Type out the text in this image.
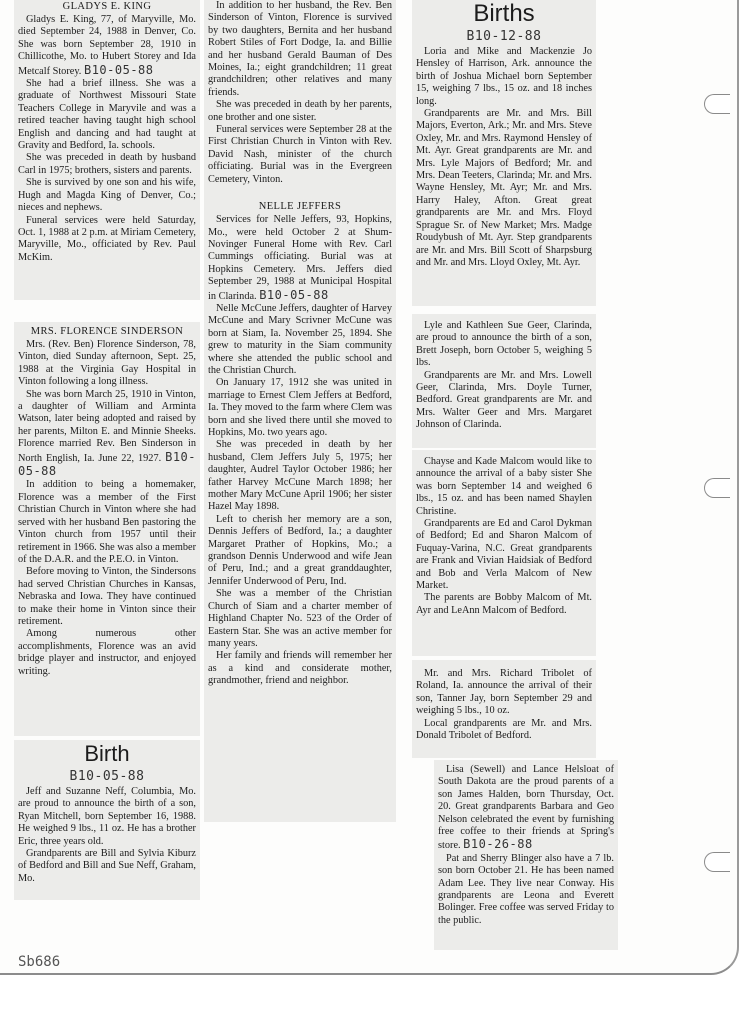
GLADYS E. KING

Gladys E. King, 77, of Maryville, Mo. died September 24, 1988 in Denver, Co. She was born September 28, 1910 in Chillicothe, Mo. to Hubert Storey and Ida Metcalf Storey. B10-05-88

She had a brief illness. She was a graduate of Northwest Missouri State Teachers College in Maryvile and was a retired teacher having taught high school English and dancing and had taught at Gravity and Bedford, Ia. schools.

She was preceded in death by husband Carl in 1975; brothers, sisters and parents.

She is survived by one son and his wife, Hugh and Magda King of Denver, Co.; nieces and nephews.

Funeral services were held Saturday, Oct. 1, 1988 at 2 p.m. at Miriam Cemetery, Maryville, Mo., officiated by Rev. Paul McKim.

MRS. FLORENCE SINDERSON

Mrs. (Rev. Ben) Florence Sinderson, 78, Vinton, died Sunday afternoon, Sept. 25, 1988 at the Virginia Gay Hospital in Vinton following a long illness.

She was born March 25, 1910 in Vinton, a daughter of William and Arminta Watson, later being adopted and raised by her parents, Milton E. and Minnie Sheeks. Florence married Rev. Ben Sinderson in North English, Ia. June 22, 1927. B10-05-88

In addition to being a homemaker, Florence was a member of the First Christian Church in Vinton where she had served with her husband Ben pastoring the Vinton church from 1957 until their retirement in 1966. She was also a member of the D.A.R. and the P.E.O. in Vinton.

Before moving to Vinton, the Sindersons had served Christian Churches in Kansas, Nebraska and Iowa. They have continued to make their home in Vinton since their retirement.

Among numerous other accomplishments, Florence was an avid bridge player and instructor, and enjoyed writing.

In addition to her husband, the Rev. Ben Sinderson of Vinton, Florence is survived by two daughters, Bernita and her husband Robert Stiles of Fort Dodge, Ia. and Billie and her husband Gerald Bauman of Des Moines, Ia.; eight grandchildren; 11 great grandchildren; other relatives and many friends.

She was preceded in death by her parents, one brother and one sister.

Funeral services were September 28 at the First Christian Church in Vinton with Rev. David Nash, minister of the church officiating. Burial was in the Evergreen Cemetery, Vinton.

NELLE JEFFERS

Services for Nelle Jeffers, 93, Hopkins, Mo., were held October 2 at Shum-Novinger Funeral Home with Rev. Carl Cummings officiating. Burial was at Hopkins Cemetery. Mrs. Jeffers died September 29, 1988 at Municipal Hospital in Clarinda. B10-05-88

Nelle McCune Jeffers, daughter of Harvey McCune and Mary Scrivner McCune was born at Siam, Ia. November 25, 1894. She grew to maturity in the Siam community where she attended the public school and the Christian Church.

On January 17, 1912 she was united in marriage to Ernest Clem Jeffers at Bedford, Ia. They moved to the farm where Clem was born and she lived there until she moved to Hopkins, Mo. two years ago.

She was preceded in death by her husband, Clem Jeffers July 5, 1975; her daughter, Audrel Taylor October 1986; her father Harvey McCune March 1898; her mother Mary McCune April 1906; her sister Hazel May 1898.

Left to cherish her memory are a son, Dennis Jeffers of Bedford, Ia.; a daughter Margaret Prather of Hopkins, Mo.; a grandson Dennis Underwood and wife Jean of Peru, Ind.; and a great granddaughter, Jennifer Underwood of Peru, Ind.

She was a member of the Christian Church of Siam and a charter member of Highland Chapter No. 523 of the Order of Eastern Star. She was an active member for many years.

Her family and friends will remember her as a kind and considerate mother, grandmother, friend and neighbor.

Birth
B10-05-88

Jeff and Suzanne Neff, Columbia, Mo. are proud to announce the birth of a son, Ryan Mitchell, born September 16, 1988. He weighed 9 lbs., 11 oz. He has a brother Eric, three years old.

Grandparents are Bill and Sylvia Kiburz of Bedford and Bill and Sue Neff, Graham, Mo.

Births
B10-12-88

Loria and Mike and Mackenzie Jo Hensley of Harrison, Ark. announce the birth of Joshua Michael born September 15, weighing 7 lbs., 15 oz. and 18 inches long.

Grandparents are Mr. and Mrs. Bill Majors, Everton, Ark.; Mr. and Mrs. Steve Oxley, Mr. and Mrs. Raymond Hensley of Mt. Ayr. Great grandparents are Mr. and Mrs. Lyle Majors of Bedford; Mr. and Mrs. Dean Teeters, Clarinda; Mr. and Mrs. Wayne Hensley, Mt. Ayr; Mr. and Mrs. Harry Haley, Afton. Great great grandparents are Mr. and Mrs. Floyd Sprague Sr. of New Market; Mrs. Madge Roudybush of Mt. Ayr. Step grandparents are Mr. and Mrs. Bill Scott of Sharpsburg and Mr. and Mrs. Lloyd Oxley, Mt. Ayr.

Lyle and Kathleen Sue Geer, Clarinda, are proud to announce the birth of a son, Brett Joseph, born October 5, weighing 5 lbs.

Grandparents are Mr. and Mrs. Lowell Geer, Clarinda, Mrs. Doyle Turner, Bedford. Great grandparents are Mr. and Mrs. Walter Geer and Mrs. Margaret Johnson of Clarinda.

Chayse and Kade Malcom would like to announce the arrival of a baby sister She was born September 14 and weighed 6 lbs., 15 oz. and has been named Shaylen Christine.

Grandparents are Ed and Carol Dykman of Bedford; Ed and Sharon Malcom of Fuquay-Varina, N.C. Great grandparents are Frank and Vivian Haidsiak of Bedford and Bob and Verla Malcom of New Market.

The parents are Bobby Malcom of Mt. Ayr and LeAnn Malcom of Bedford.

Mr. and Mrs. Richard Tribolet of Roland, Ia. announce the arrival of their son, Tanner Jay, born September 29 and weighing 5 lbs., 10 oz.

Local grandparents are Mr. and Mrs. Donald Tribolet of Bedford.

Lisa (Sewell) and Lance Helsloat of South Dakota are the proud parents of a son James Halden, born Thursday, Oct. 20. Great grandparents Barbara and Geo Nelson celebrated the event by furnishing free coffee to their friends at Spring's store. B10-26-88

Pat and Sherry Blinger also have a 7 lb. son born October 21. He has been named Adam Lee. They live near Conway. His grandparents are Leona and Everett Bolinger. Free coffee was served Friday to the public.

Sb686
